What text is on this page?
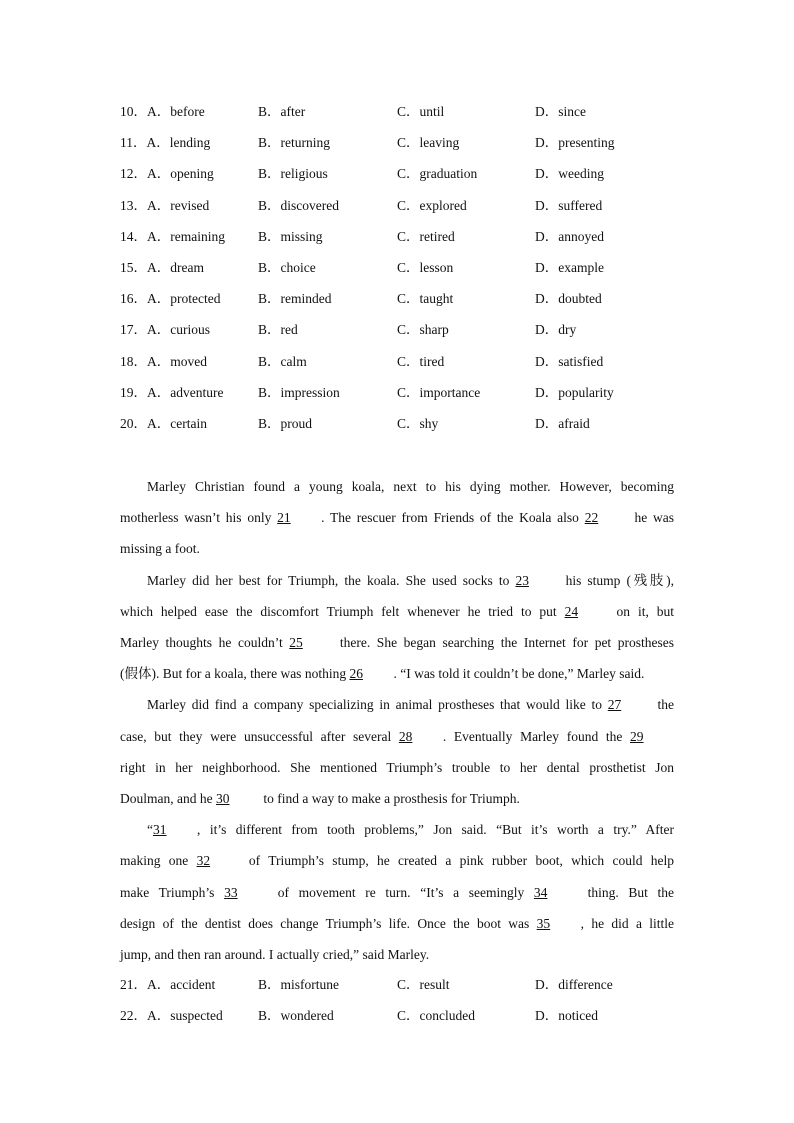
10．A．before	B．after	C．until	D．since
11．A．lending	B．returning	C．leaving	D．presenting
12．A．opening	B．religious	C．graduation	D．weeding
13．A．revised	B．discovered	C．explored	D．suffered
14．A．remaining B．missing	C．retired	D．annoyed
15．A．dream	B．choice	C．lesson	D．example
16．A．protected	B．reminded	C．taught	D．doubted
17．A．curious	B．red	C．sharp	D．dry
18．A．moved	B．calm	C．tired	D．satisfied
19．A．adventure	B．impression	C．importance	D．popularity
20．A．certain	B．proud	C．shy	D．afraid
Marley Christian found a young koala, next to his dying mother. However, becoming
motherless wasn’t his only 21 . The rescuer from Friends of the Koala also 22	he was
missing a foot.
Marley did her best for Triumph, the koala. She used socks to 23	his stump (残肢),
which helped ease the discomfort Triumph felt whenever he tried to put 24	on it, but
Marley thoughts he couldn’t 25	there. She began searching the Internet for pet prostheses
(假体). But for a koala, there was nothing 26 . “I was told it couldn’t be done,” Marley said.
Marley did find a company specializing in animal prostheses that would like to 27	the
case, but they were unsuccessful after several 28 . Eventually Marley found the 29
right in her neighborhood. She mentioned Triumph’s trouble to her dental prosthetist Jon
Doulman, and he 30	to find a way to make a prosthesis for Triumph.
“31 , it’s different from tooth problems,” Jon said. “But it’s worth a try.” After
making one 32	of Triumph’s stump, he created a pink rubber boot, which could help
make Triumph’s 33	of movement re turn. “It’s a seemingly 34	thing. But the
design of the dentist does change Triumph’s life. Once the boot was 35 , he did a little
jump, and then ran around. I actually cried,” said Marley.
21．A．accident	B．misfortune	C．result	D．difference
22．A．suspected	B．wondered	C．concluded	D．noticed
